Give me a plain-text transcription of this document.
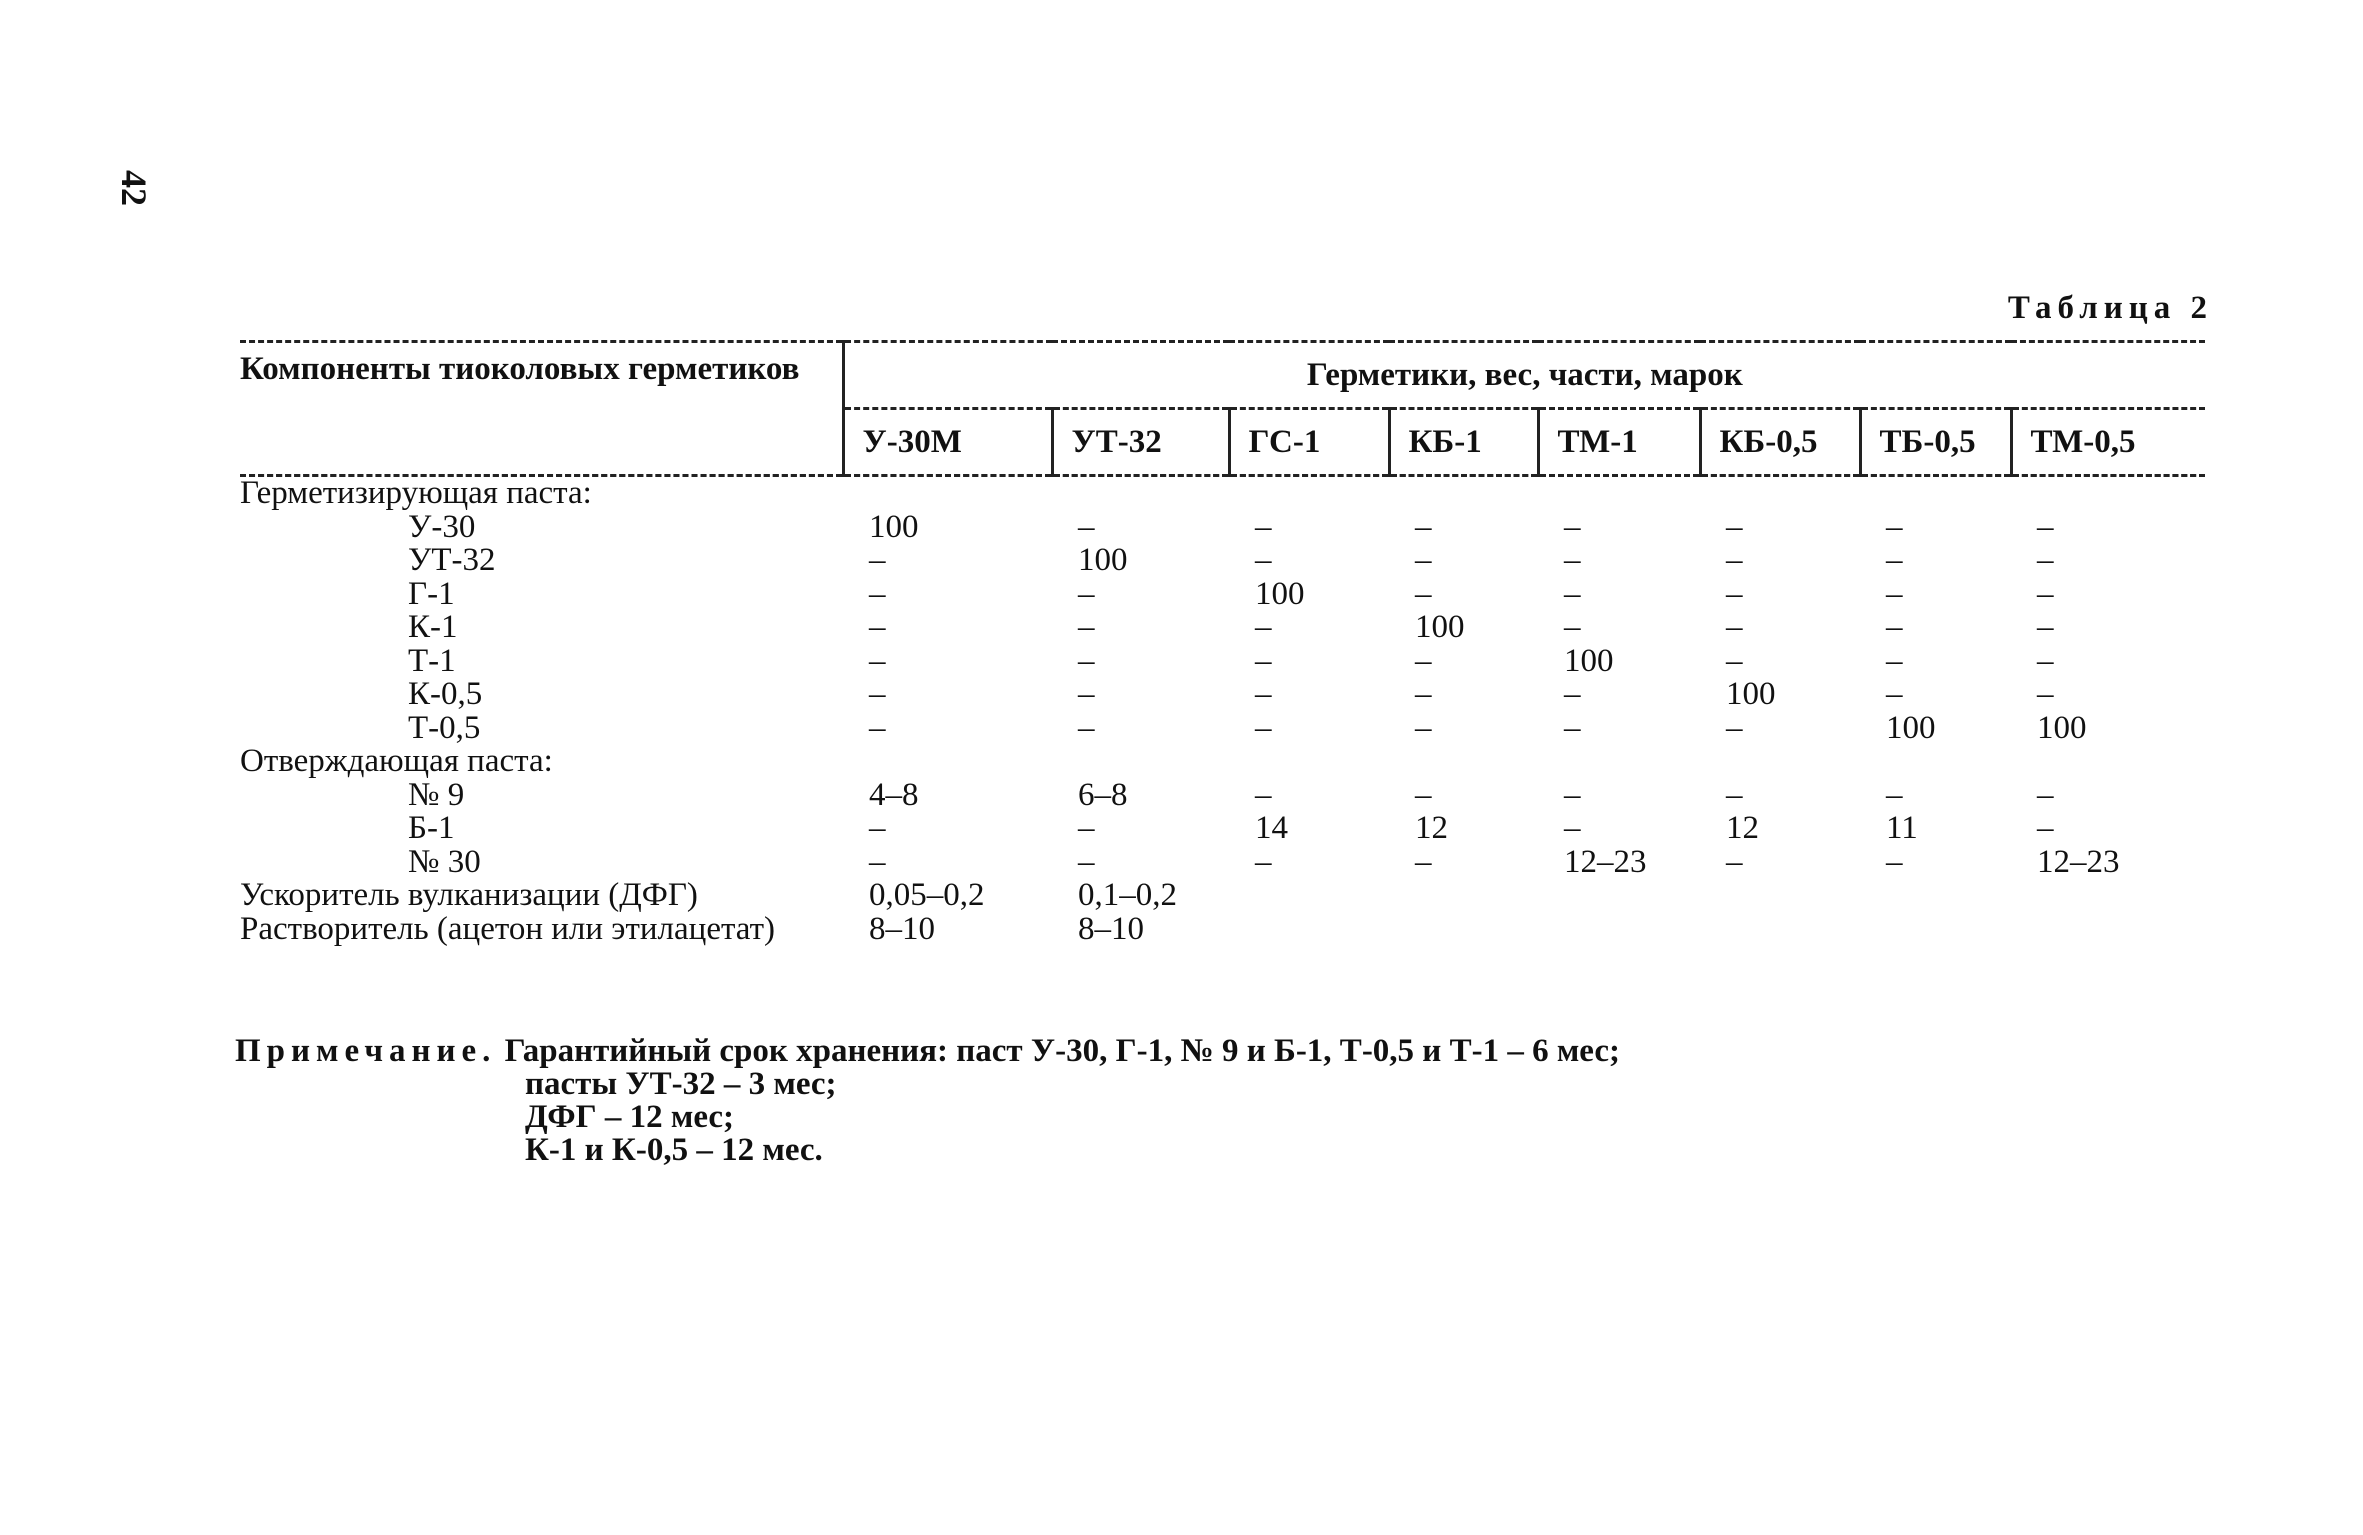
42
Таблица 2
Компоненты тиоколовых герметиков	Герметики, вес, части, марок							
	У-30М	УТ-32	ГС-1	КБ-1	ТМ-1	КБ-0,5	ТБ-0,5	ТМ-0,5
Герметизирующая паста:								
У-30	100	–	–	–	–	–	–	–
УТ-32	–	100	–	–	–	–	–	–
Г-1	–	–	100	–	–	–	–	–
К-1	–	–	–	100	–	–	–	–
Т-1	–	–	–	–	100	–	–	–
К-0,5	–	–	–	–	–	100	–	–
Т-0,5	–	–	–	–	–	–	100	100
Отверждающая паста:								
№ 9	4–8	6–8	–	–	–	–	–	–
Б-1	–	–	14	12	–	12	11	–
№ 30	–	–	–	–	12–23	–	–	12–23
Ускоритель вулканизации (ДФГ)	0,05–0,2	0,1–0,2						
Растворитель (ацетон или этилацетат)	8–10	8–10						
Примечание. Гарантийный срок хранения: паст У-30, Г-1, № 9 и Б-1, Т-0,5 и Т-1 – 6 мес;
пасты УТ-32 – 3 мес;
ДФГ – 12 мес;
К-1 и К-0,5 – 12 мес.
